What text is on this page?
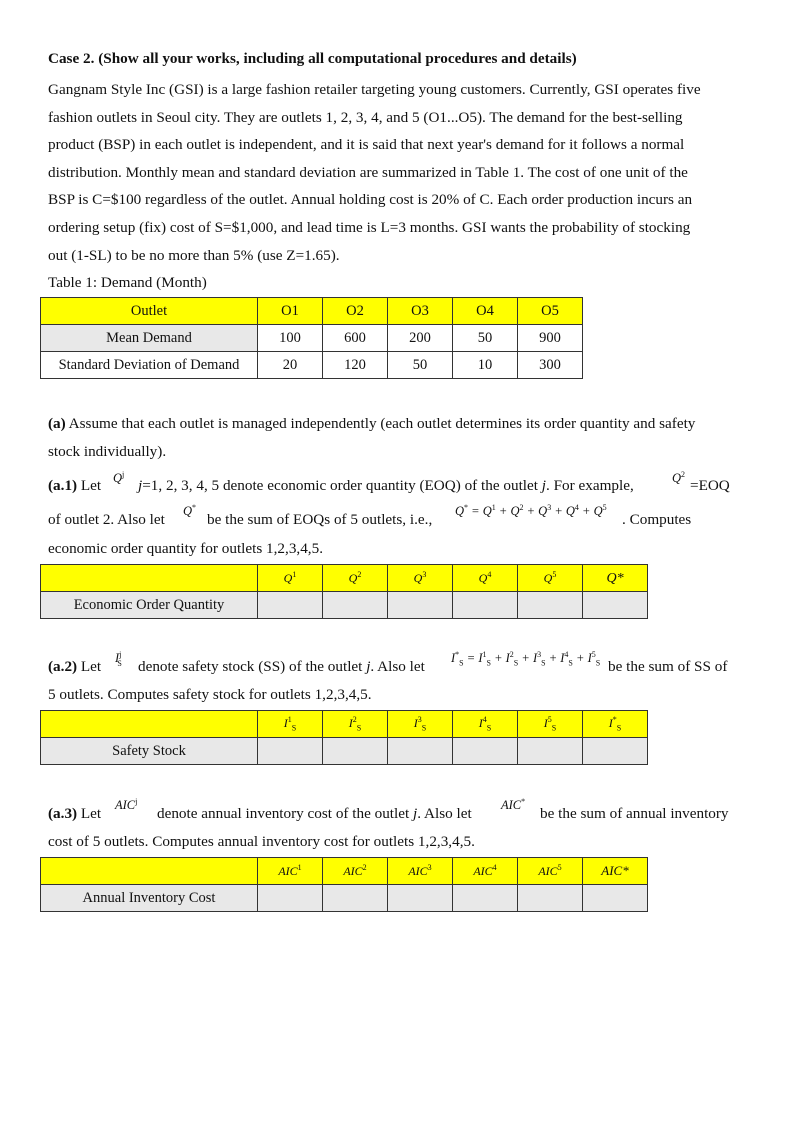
Case 2. (Show all your works, including all computational procedures and details)

Gangnam Style Inc (GSI) is a large fashion retailer targeting young customers. Currently, GSI operates five

fashion outlets in Seoul city. They are outlets 1, 2, 3, 4, and 5 (O1...O5). The demand for the best-selling

product (BSP) in each outlet is independent, and it is said that next year's demand for it follows a normal

distribution. Monthly mean and standard deviation are summarized in Table 1. The cost of one unit of the

BSP is C=$100 regardless of the outlet. Annual holding cost is 20% of C. Each order production incurs an

ordering setup (fix) cost of S=$1,000, and lead time is L=3 months. GSI wants the probability of stocking

out (1-SL) to be no more than 5% (use Z=1.65).

Table 1: Demand (Month)

Outlet	O1	O2	O3	O4	O5
Mean Demand	100	600	200	50	900
Standard Deviation of Demand	20	120	50	10	300

(a) Assume that each outlet is managed independently (each outlet determines its order quantity and safety

stock individually).

(a.1) Let $Q^j$

j=1, 2, 3, 4, 5 denote economic order quantity (EOQ) of the outlet j. For example,	$Q^2$

=EOQ

of outlet 2. Also let	Q*

be the sum of EOQs of 5 outlets, i.e.,	$Q^* = Q^1 + Q^2 + Q^3 + Q^4 + Q^5$

. Computes

economic order quantity for outlets 1,2,3,4,5.

	$Q^1$	$Q^2$	$Q^3$	$Q^4$	$Q^5$	Q*
Economic Order Quantity						

(a.2) Let	$I^j_S$ denote safety stock (SS) of the outlet j. Also let	$I^*_S = I^1_S + I^2_S + I^3_S + I^4_S + I^5_S$ be the sum of SS of

5 outlets. Computes safety stock for outlets 1,2,3,4,5.

	$I^1_S$	$I^2_S$	$I^3_S$	$I^4_S$	$I^5_S$	$I^*_S$
Safety Stock						

(a.3) Let	AIC$^j$

denote annual inventory cost of the outlet j. Also let	AIC*

be the sum of annual inventory

cost of 5 outlets. Computes annual inventory cost for outlets 1,2,3,4,5.

	AIC$^1$	AIC$^2$	AIC$^3$	AIC$^4$	AIC$^5$	AIC*
Annual Inventory Cost						
